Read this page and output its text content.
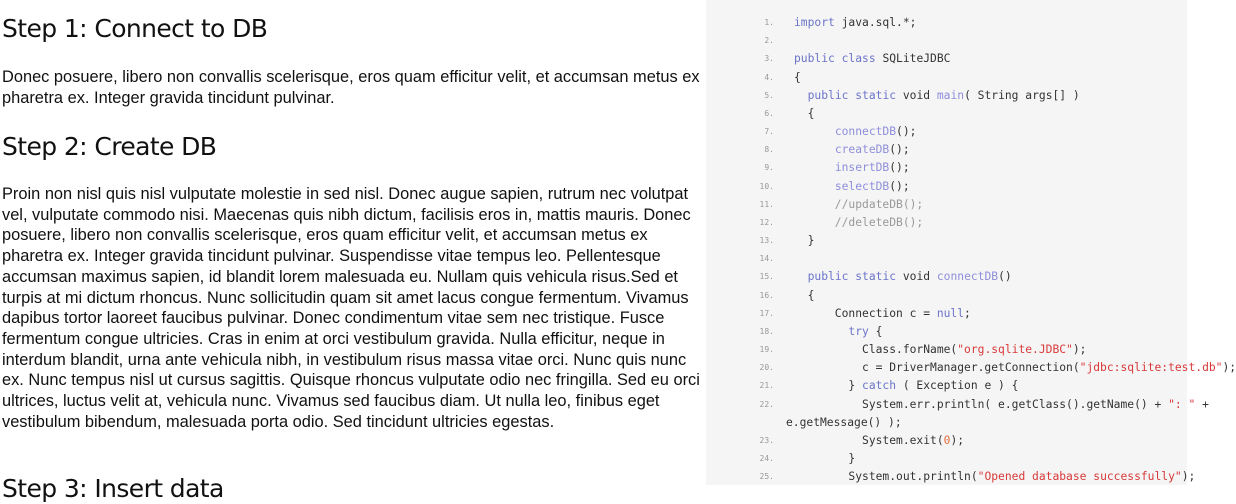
Step 1: Connect to DB

Donec posuere, libero non convallis scelerisque, eros quam efficitur velit, et accumsan metus ex pharetra ex. Integer gravida tincidunt pulvinar.

Step 2: Create DB

Proin non nisl quis nisl vulputate molestie in sed nisl. Donec augue sapien, rutrum nec volutpat vel, vulputate commodo nisi. Maecenas quis nibh dictum, facilisis eros in, mattis mauris. Donec posuere, libero non convallis scelerisque, eros quam efficitur velit, et accumsan metus ex pharetra ex. Integer gravida tincidunt pulvinar. Suspendisse vitae tempus leo. Pellentesque accumsan maximus sapien, id blandit lorem malesuada eu. Nullam quis vehicula risus.Sed et turpis at mi dictum rhoncus. Nunc sollicitudin quam sit amet lacus congue fermentum. Vivamus dapibus tortor laoreet faucibus pulvinar. Donec condimentum vitae sem nec tristique. Fusce fermentum congue ultricies. Cras in enim at orci vestibulum gravida. Nulla efficitur, neque in interdum blandit, urna ante vehicula nibh, in vestibulum risus massa vitae orci. Nunc quis nunc ex. Nunc tempus nisl ut cursus sagittis. Quisque rhoncus vulputate odio nec fringilla. Sed eu orci ultrices, luctus velit at, vehicula nunc. Vivamus sed faucibus diam. Ut nulla leo, finibus eget vestibulum bibendum, malesuada porta odio. Sed tincidunt ultricies egestas.

Step 3: Insert data
1. import java.sql.*;
2.
3. public class SQLiteJDBC
4. {
5.	public static void main( String args[] )
6. {
7.	connectDB();
8.	createDB();
9.	insertDB();
10.	selectDB();
11. //updateDB();
12. //deleteDB();
13. }
14.
15.	public static void connectDB()
16. {
17. Connection c = null;
18.	try {
19. Class.forName("org.sqlite.JDBC");
20. c = DriverManager.getConnection("jdbc:sqlite:test.db");
21. } catch ( Exception e ) {
22. System.err.println( e.getClass().getName() + ": " +
e.getMessage() );
23. System.exit(0);
24. }
25. System.out.println("Opened database successfully");
